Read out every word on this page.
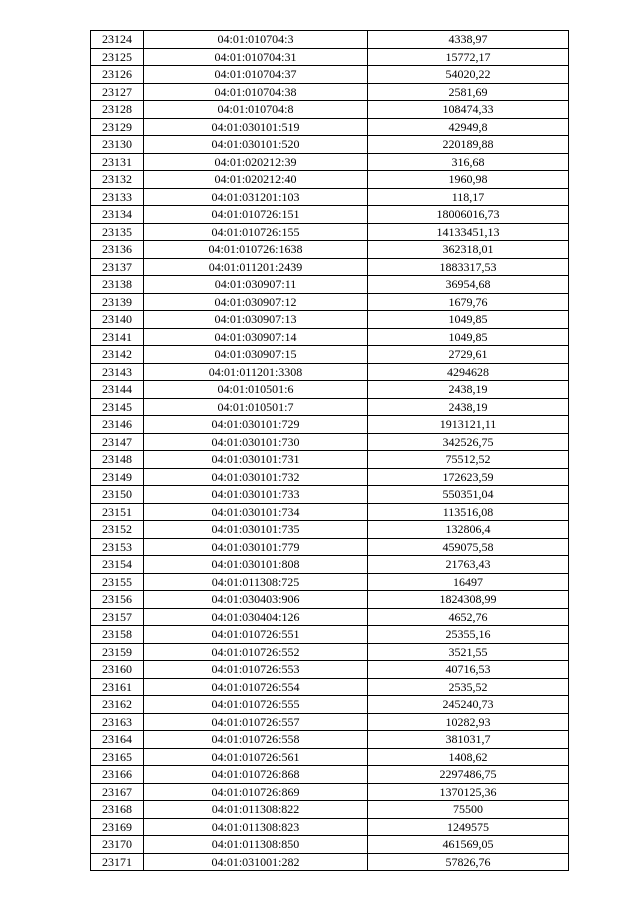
23124	04:01:010704:3	4338,97
23125	04:01:010704:31	15772,17
23126	04:01:010704:37	54020,22
23127	04:01:010704:38	2581,69
23128	04:01:010704:8	108474,33
23129	04:01:030101:519	42949,8
23130	04:01:030101:520	220189,88
23131	04:01:020212:39	316,68
23132	04:01:020212:40	1960,98
23133	04:01:031201:103	118,17
23134	04:01:010726:151	18006016,73
23135	04:01:010726:155	14133451,13
23136	04:01:010726:1638	362318,01
23137	04:01:011201:2439	1883317,53
23138	04:01:030907:11	36954,68
23139	04:01:030907:12	1679,76
23140	04:01:030907:13	1049,85
23141	04:01:030907:14	1049,85
23142	04:01:030907:15	2729,61
23143	04:01:011201:3308	4294628
23144	04:01:010501:6	2438,19
23145	04:01:010501:7	2438,19
23146	04:01:030101:729	1913121,11
23147	04:01:030101:730	342526,75
23148	04:01:030101:731	75512,52
23149	04:01:030101:732	172623,59
23150	04:01:030101:733	550351,04
23151	04:01:030101:734	113516,08
23152	04:01:030101:735	132806,4
23153	04:01:030101:779	459075,58
23154	04:01:030101:808	21763,43
23155	04:01:011308:725	16497
23156	04:01:030403:906	1824308,99
23157	04:01:030404:126	4652,76
23158	04:01:010726:551	25355,16
23159	04:01:010726:552	3521,55
23160	04:01:010726:553	40716,53
23161	04:01:010726:554	2535,52
23162	04:01:010726:555	245240,73
23163	04:01:010726:557	10282,93
23164	04:01:010726:558	381031,7
23165	04:01:010726:561	1408,62
23166	04:01:010726:868	2297486,75
23167	04:01:010726:869	1370125,36
23168	04:01:011308:822	75500
23169	04:01:011308:823	1249575
23170	04:01:011308:850	461569,05
23171	04:01:031001:282	57826,76
